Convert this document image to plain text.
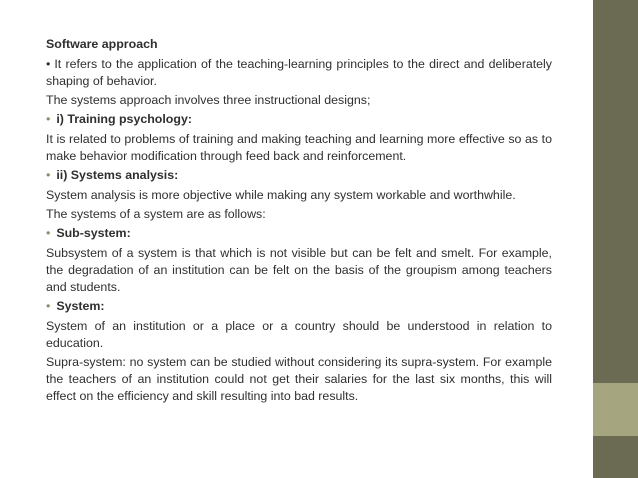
Software approach
• It refers to the application of the teaching-learning principles to the direct and deliberately shaping of behavior.
The systems approach involves three instructional designs;
• i) Training psychology:
It is related to problems of training and making teaching and learning more effective so as to make behavior modification through feed back and reinforcement.
• ii) Systems analysis:
System analysis is more objective while making any system workable and worthwhile.
The systems of a system are as follows:
• Sub-system:
Subsystem of a system is that which is not visible but can be felt and smelt. For example, the degradation of an institution can be felt on the basis of the groupism among teachers and students.
• System:
System of an institution or a place or a country should be understood in relation to education.
Supra-system: no system can be studied without considering its supra-system. For example the teachers of an institution could not get their salaries for the last six months, this will effect on the efficiency and skill resulting into bad results.
